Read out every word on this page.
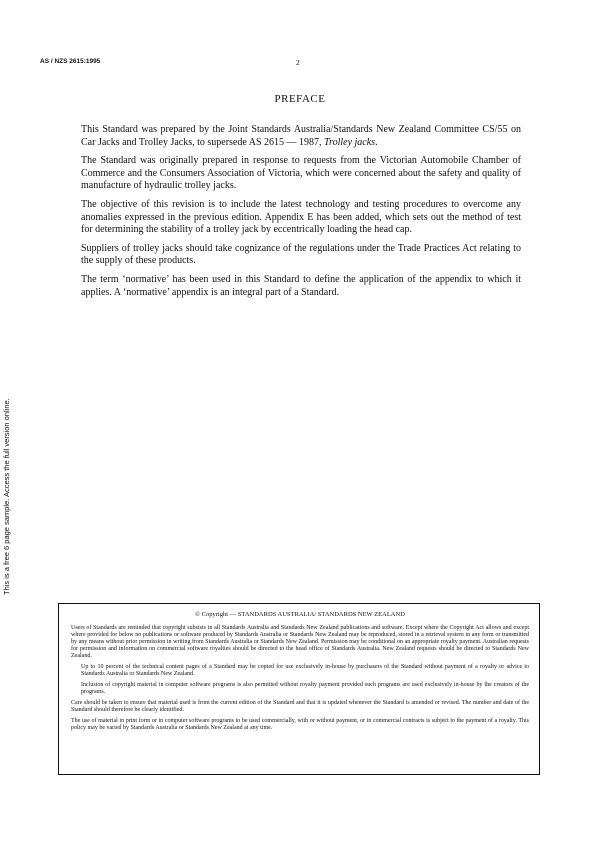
AS / NZS 2615:1995	2
This is a free 6 page sample. Access the full version online.
PREFACE

This Standard was prepared by the Joint Standards Australia/Standards New Zealand Committee CS/55 on Car Jacks and Trolley Jacks, to supersede AS 2615 — 1987, Trolley jacks.

The Standard was originally prepared in response to requests from the Victorian Automobile Chamber of Commerce and the Consumers Association of Victoria, which were concerned about the safety and quality of manufacture of hydraulic trolley jacks.

The objective of this revision is to include the latest technology and testing procedures to overcome any anomalies expressed in the previous edition. Appendix E has been added, which sets out the method of test for determining the stability of a trolley jack by eccentrically loading the head cap.

Suppliers of trolley jacks should take cognizance of the regulations under the Trade Practices Act relating to the supply of these products.

The term ‘normative’ has been used in this Standard to define the application of the appendix to which it applies. A ‘normative’ appendix is an integral part of a Standard.

© Copyright — STANDARDS AUSTRALIA/ STANDARDS NEW ZEALAND

Users of Standards are reminded that copyright subsists in all Standards Australia and Standards New Zealand publications and software. Except where the Copyright Act allows and except where provided for below no publications or software produced by Standards Australia or Standards New Zealand may be reproduced, stored in a retrieval system in any form or transmitted by any means without prior permission in writing from Standards Australia or Standards New Zealand. Permission may be conditional on an appropriate royalty payment. Australian requests for permission and information on commercial software royalties should be directed to the head office of Standards Australia. New Zealand requests should be directed to Standards New Zealand.

Up to 10 percent of the technical content pages of a Standard may be copied for use exclusively in-house by purchasers of the Standard without payment of a royalty or advice to Standards Australia or Standards New Zealand.

Inclusion of copyright material in computer software programs is also permitted without royalty payment provided such programs are used exclusively in-house by the creators of the programs.

Care should be taken to ensure that material used is from the current edition of the Standard and that it is updated whenever the Standard is amended or revised. The number and date of the Standard should therefore be clearly identified.

The use of material in print form or in computer software programs to be used commercially, with or without payment, or in commercial contracts is subject to the payment of a royalty. This policy may be varied by Standards Australia or Standards New Zealand at any time.
